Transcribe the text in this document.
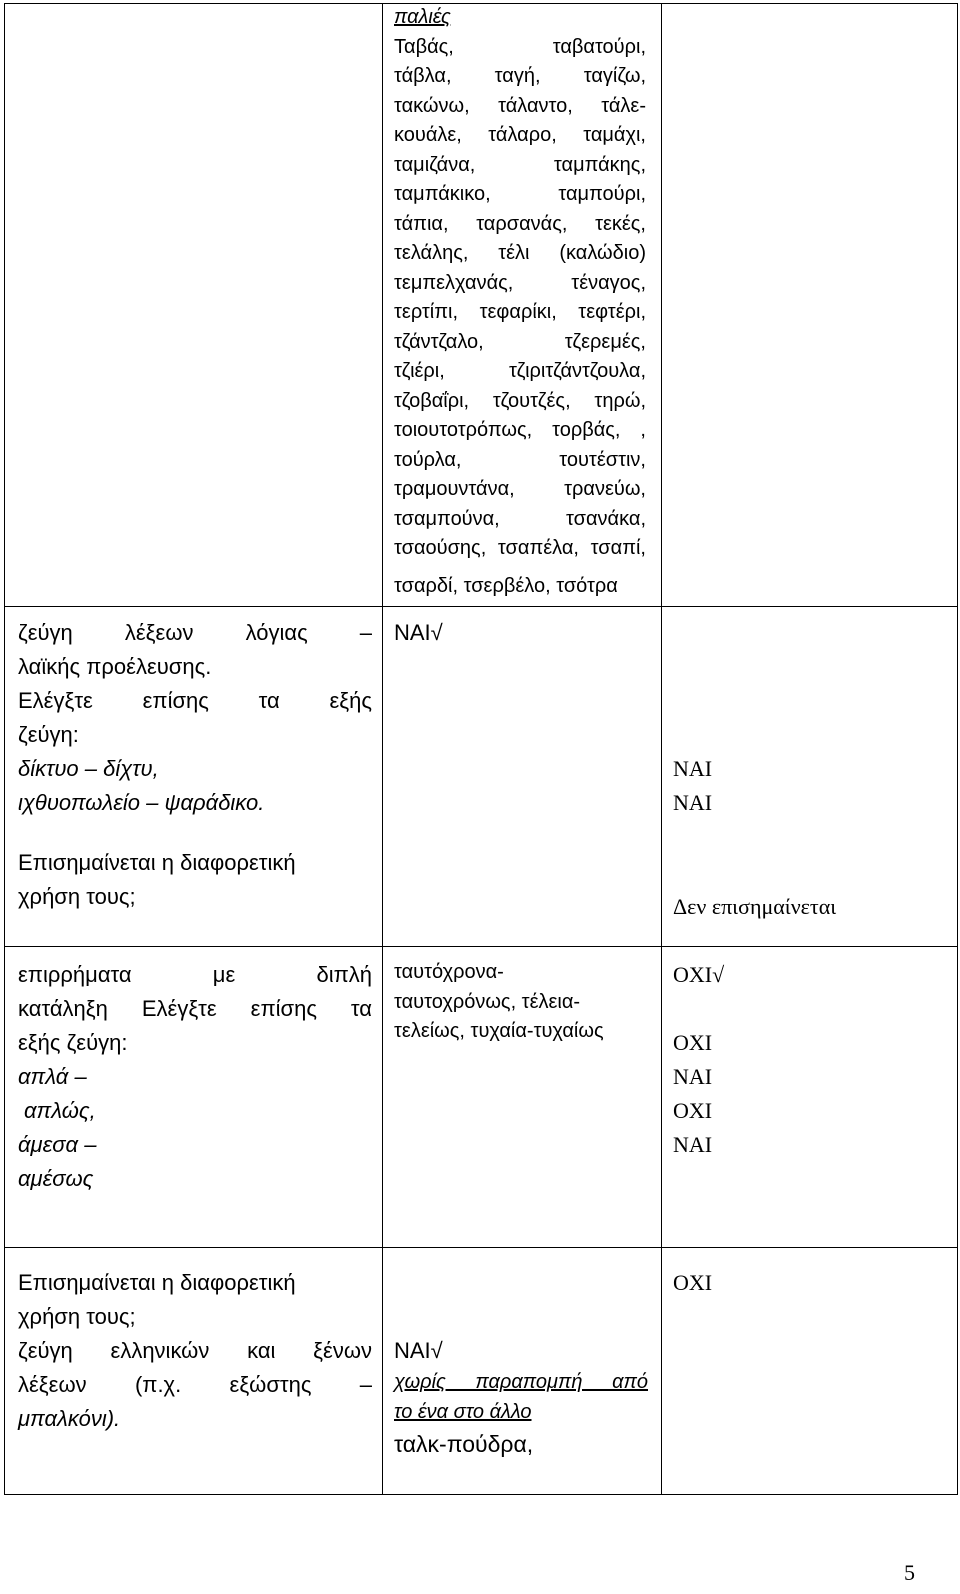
παλιές
Ταβάς, ταβατούρι,
τάβλα, ταγή, ταγίζω,
τακώνω, τάλαντο, τάλε-
κουάλε, τάλαρο, ταμάχι,
ταμιζάνα, ταμπάκης,
ταμπάκικο, ταμπούρι,
τάπια, ταρσανάς, τεκές,
τελάλης, τέλι (καλώδιο)
τεμπελχανάς, τέναγος,
τερτίπι, τεφαρίκι, τεφτέρι,
τζάντζαλο, τζερεμές,
τζιέρι, τζιριτζάντζουλα,
τζοβαΐρι, τζουτζές, τηρώ,
τοιουτοτρόπως, τορβάς, ,
τούρλα, τουτέστιν,
τραμουντάνα, τρανεύω,
τσαμπούνα, τσανάκα,
τσαούσης, τσαπέλα, τσαπί,
τσαρδί, τσερβέλο, τσότρα
ζεύγη λέξεων λόγιας –
λαϊκής προέλευσης.
Ελέγξτε επίσης τα εξής
ζεύγη:
δίκτυο – δίχτυ,
ιχθυοπωλείο – ψαράδικο.
Επισημαίνεται η διαφορετική
χρήση τους;
ΝΑΙ√
ΝΑΙ
ΝΑΙ
Δεν επισημαίνεται
επιρρήματα με διπλή
κατάληξη Ελέγξτε επίσης τα
εξής ζεύγη:
απλά –
απλώς,
άμεσα –
αμέσως
ταυτόχρονα-
ταυτοχρόνως, τέλεια-
τελείως, τυχαία-τυχαίως
ΟΧΙ√
ΟΧΙ
ΝΑΙ
ΟΧΙ
ΝΑΙ
Επισημαίνεται η διαφορετική
χρήση τους;
ζεύγη ελληνικών και ξένων
λέξεων (π.χ. εξώστης –
μπαλκόνι).
ΟΧΙ
ΝΑΙ√
χωρίς παραπομπή από
το ένα στο άλλο
ταλκ-πούδρα,
5
